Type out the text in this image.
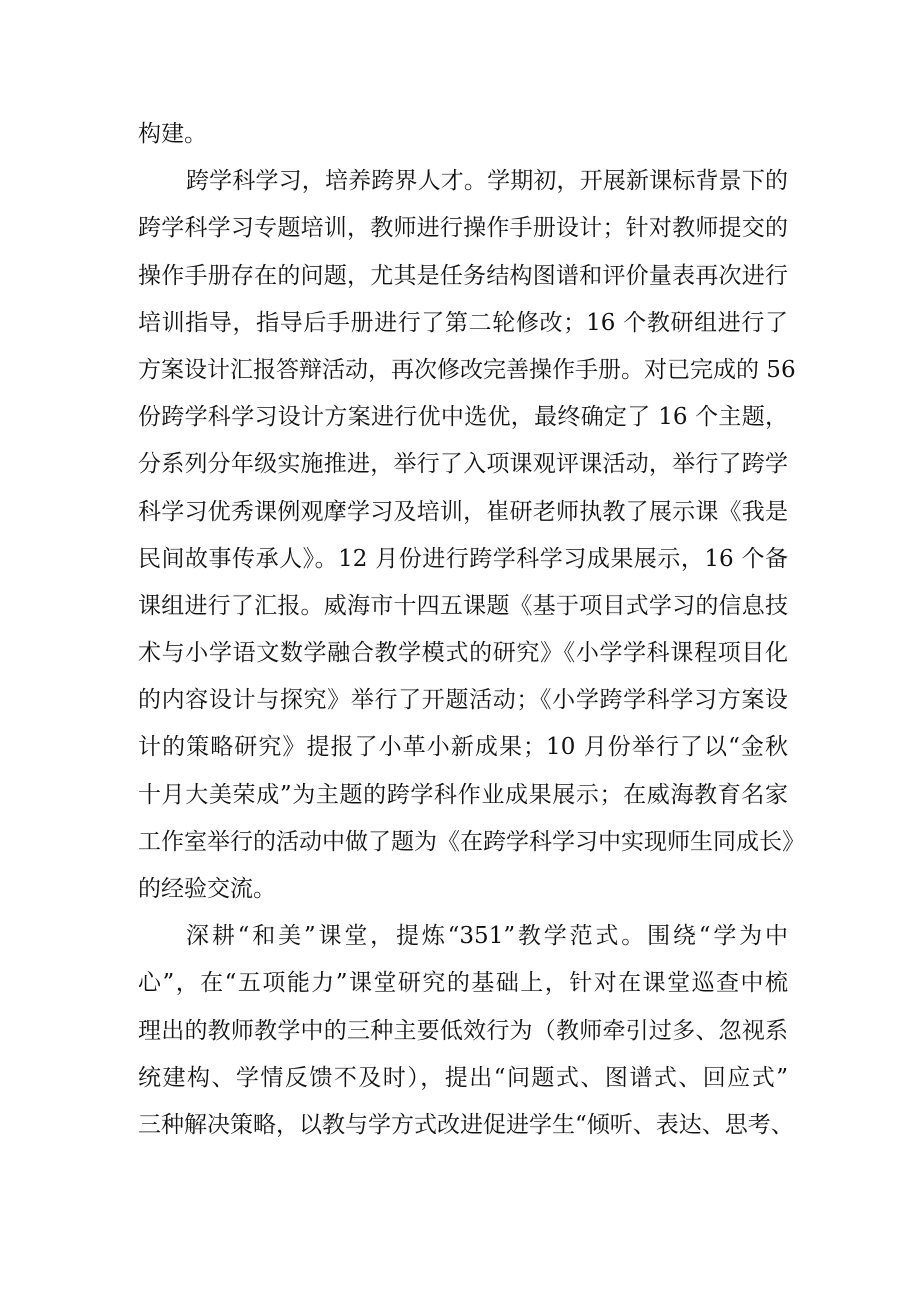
构建。
跨学科学习，培养跨界人才。学期初，开展新课标背景下的
跨学科学习专题培训，教师进行操作手册设计；针对教师提交的
操作手册存在的问题，尤其是任务结构图谱和评价量表再次进行
培训指导，指导后手册进行了第二轮修改；16 个教研组进行了
方案设计汇报答辩活动，再次修改完善操作手册。对已完成的 56
份跨学科学习设计方案进行优中选优，最终确定了 16 个主题，
分系列分年级实施推进，举行了入项课观评课活动，举行了跨学
科学习优秀课例观摩学习及培训，崔研老师执教了展示课《我是
民间故事传承人》。12 月份进行跨学科学习成果展示，16 个备
课组进行了汇报。威海市十四五课题《基于项目式学习的信息技
术与小学语文数学融合教学模式的研究》《小学学科课程项目化
的内容设计与探究》举行了开题活动；《小学跨学科学习方案设
计的策略研究》提报了小革小新成果；10 月份举行了以“金秋
十月大美荣成”为主题的跨学科作业成果展示；在威海教育名家
工作室举行的活动中做了题为《在跨学科学习中实现师生同成长》
的经验交流。
深耕“和美”课堂，提炼“351”教学范式。围绕“学为中
心”，在“五项能力”课堂研究的基础上，针对在课堂巡查中梳
理出的教师教学中的三种主要低效行为（教师牵引过多、忽视系
统建构、学情反馈不及时），提出“问题式、图谱式、回应式”
三种解决策略，以教与学方式改进促进学生“倾听、表达、思考、
